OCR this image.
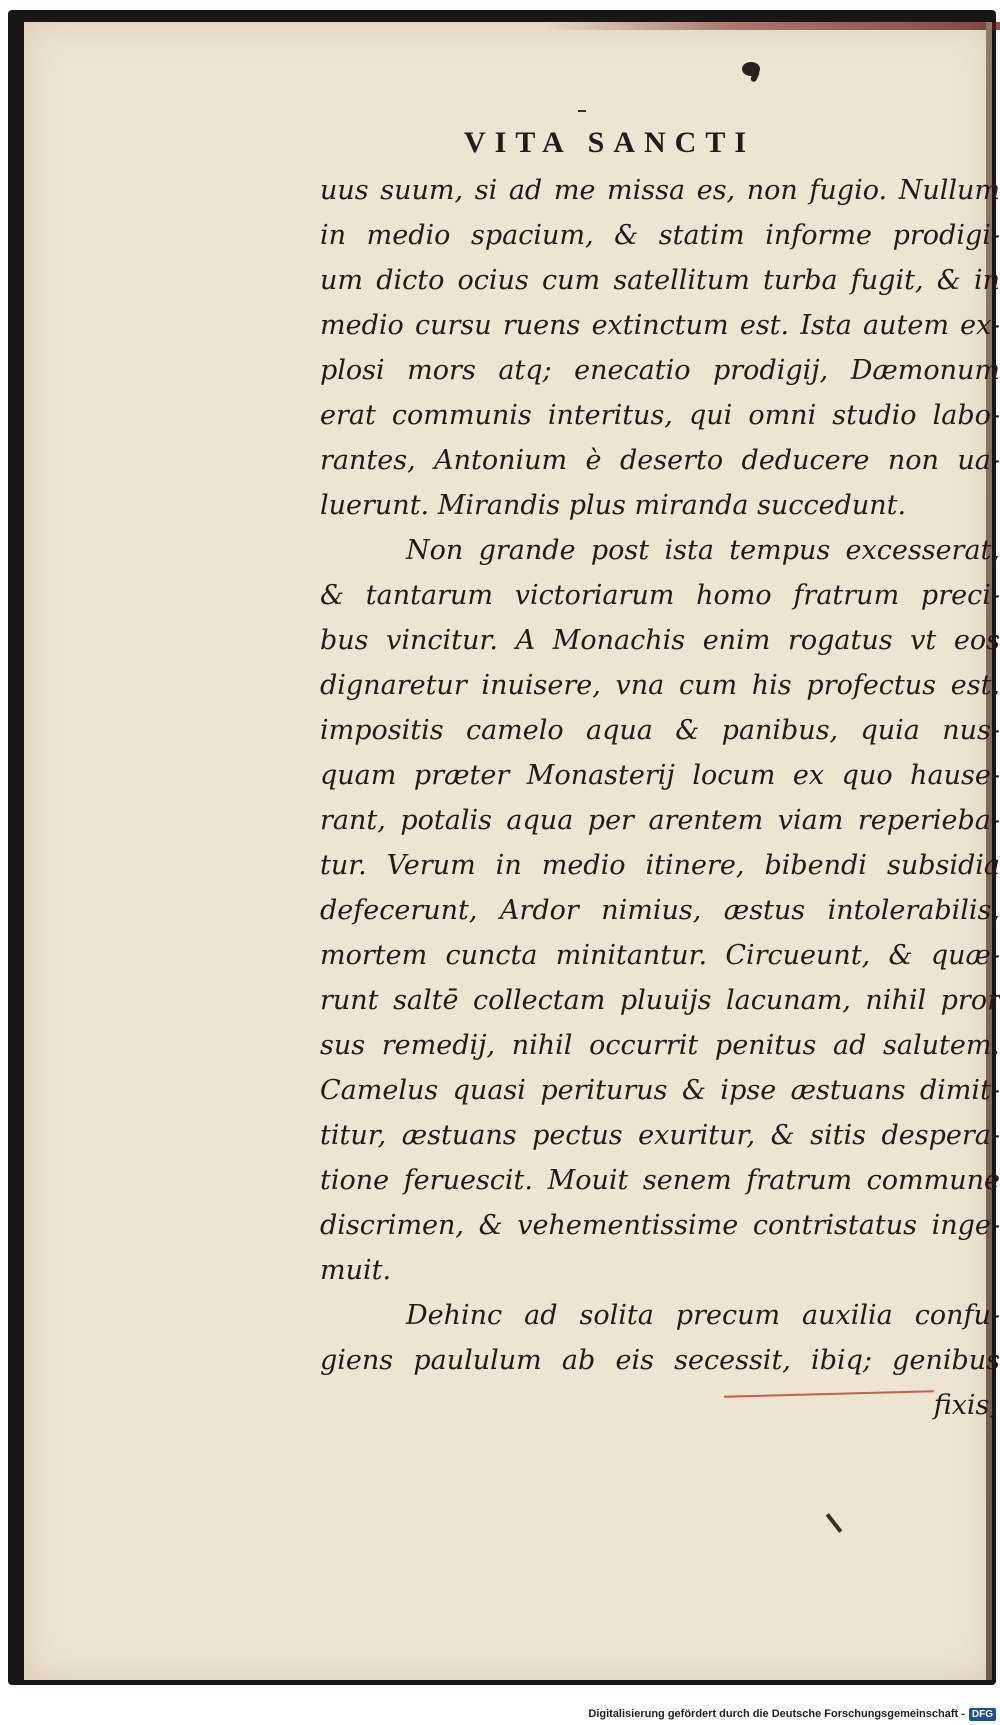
VITA SANCTI
uus suum, si ad me missa es, non fugio. Nullum
in medio spacium, & statim informe prodigi-
um dicto ocius cum satellitum turba fugit, & in
medio cursu ruens extinctum est. Ista autem ex-
plosi mors atq; enecatio prodigij, Dæmonum
erat communis interitus, qui omni studio labo-
rantes, Antonium è deserto deducere non ua-
luerunt. Mirandis plus miranda succedunt.
Non grande post ista tempus excesserat,
& tantarum victoriarum homo fratrum preci-
bus vincitur. A Monachis enim rogatus vt eos
dignaretur inuisere, vna cum his profectus est,
impositis camelo aqua & panibus, quia nus-
quam præter Monasterij locum ex quo hause-
rant, potalis aqua per arentem viam reperieba-
tur. Verum in medio itinere, bibendi subsidia
defecerunt, Ardor nimius, æstus intolerabilis,
mortem cuncta minitantur. Circueunt, & quæ-
runt saltē collectam pluuijs lacunam, nihil pror
sus remedij, nihil occurrit penitus ad salutem.
Camelus quasi periturus & ipse æstuans dimit-
titur, æstuans pectus exuritur, & sitis despera-
tione feruescit. Mouit senem fratrum commune
discrimen, & vehementissime contristatus inge-
muit.
Dehinc ad solita precum auxilia confu-
giens paululum ab eis secessit, ibiq; genibus
fixis,
Digitalisierung gefördert durch die Deutsche Forschungsgemeinschaft - DFG
